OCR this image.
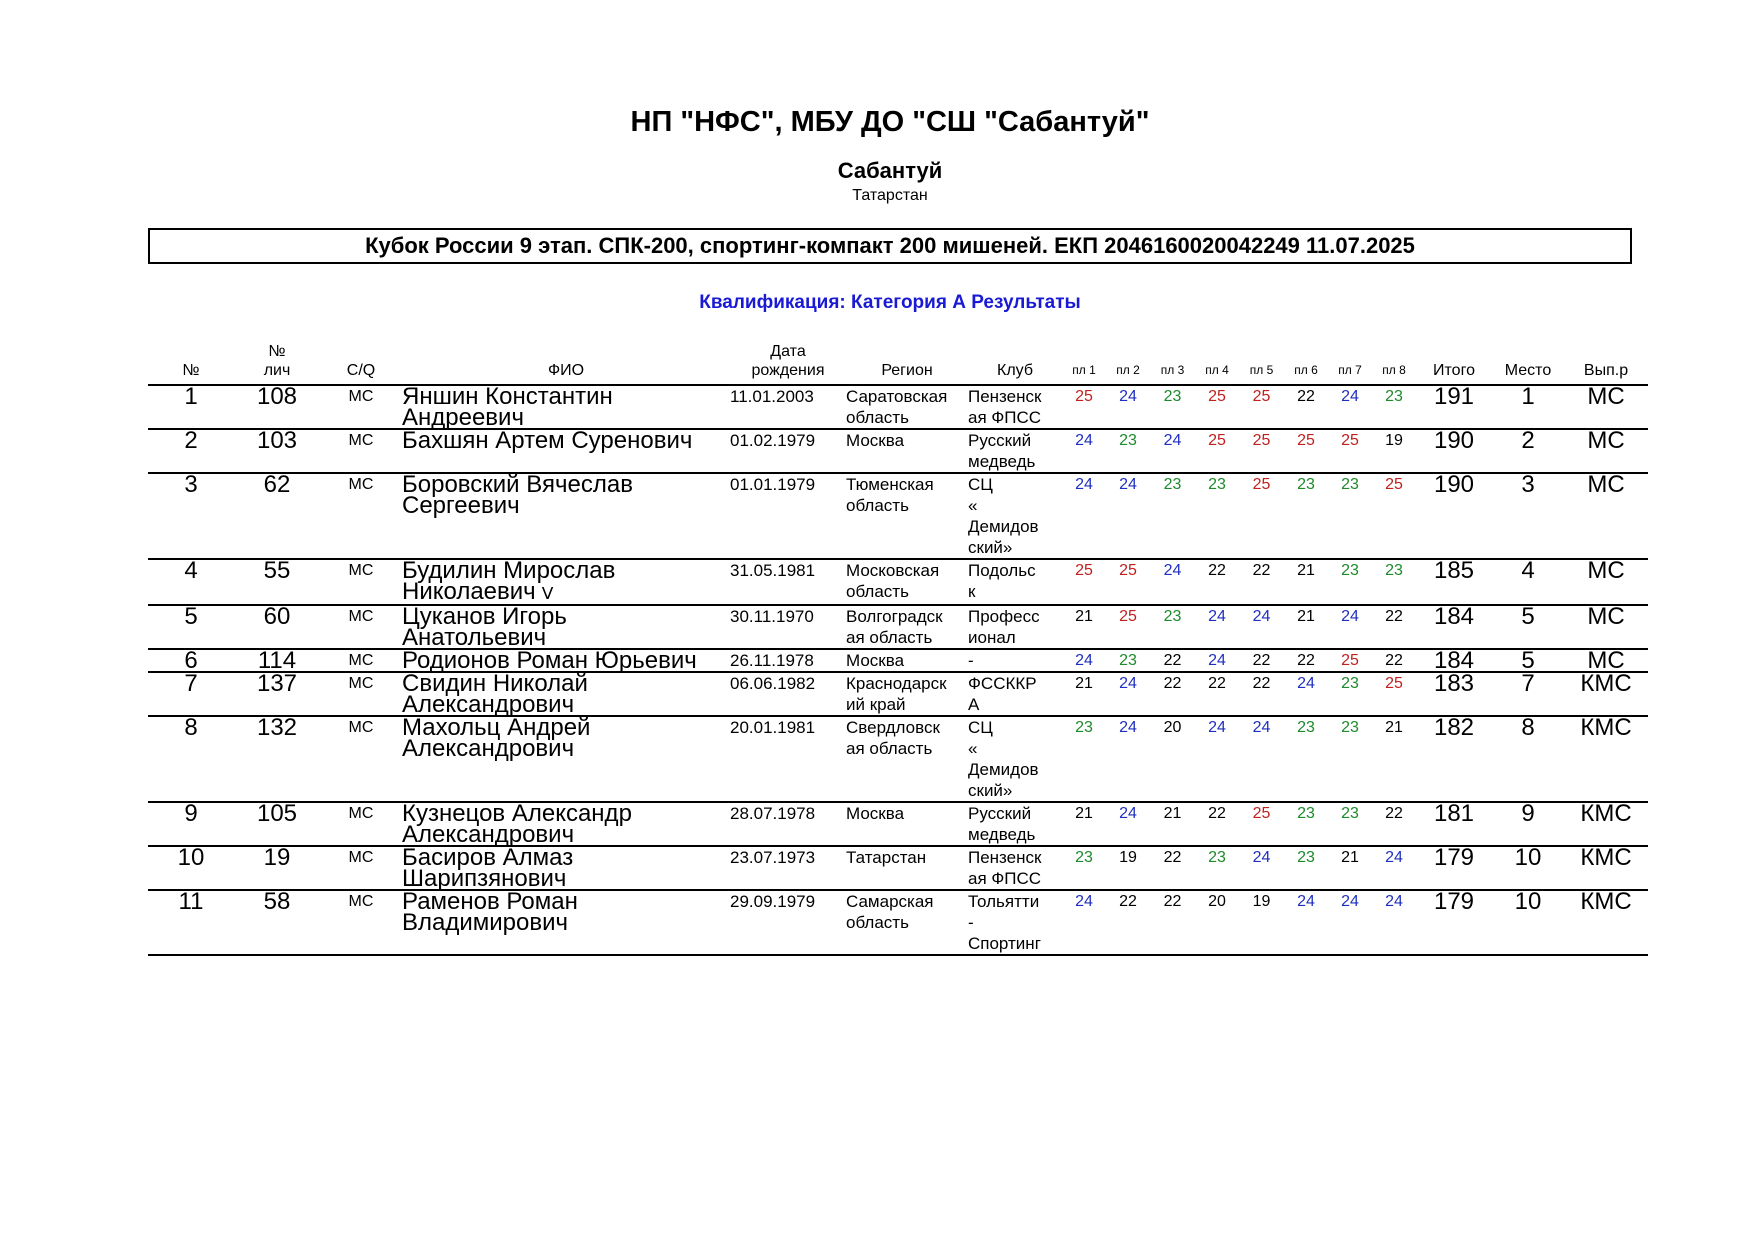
НП "НФС", МБУ ДО "СШ "Сабантуй"
Сабантуй
Татарстан
Кубок России 9 этап. СПК-200, спортинг-компакт 200 мишеней. ЕКП 2046160020042249 11.07.2025
Квалификация: Категория А Результаты
№	№
лич	C/Q	ФИО	Дата
рождения	Регион	Клуб	пл 1	пл 2	пл 3	пл 4	пл 5	пл 6	пл 7	пл 8	Итого	Место	Вып.р
1	108	МС	Яншин Константин
Андреевич	11.01.2003	Саратовская
область	Пензенск
ая ФПСС	25	24	23	25	25	22	24	23	191	1	МС
2	103	МС	Бахшян Артем Суренович	01.02.1979	Москва	Русский
медведь	24	23	24	25	25	25	25	19	190	2	МС
3	62	МС	Боровский Вячеслав
Сергеевич	01.01.1979	Тюменская
область	СЦ
«
Демидов
ский»	24	24	23	23	25	23	23	25	190	3	МС
4	55	МС	Будилин Мирослав
Николаевич ᐯ	31.05.1981	Московская
область	Подольс
к	25	25	24	22	22	21	23	23	185	4	МС
5	60	МС	Цуканов Игорь
Анатольевич	30.11.1970	Волгоградск
ая область	Професс
ионал	21	25	23	24	24	21	24	22	184	5	МС
6	114	МС	Родионов Роман Юрьевич	26.11.1978	Москва	-	24	23	22	24	22	22	25	22	184	5	МС
7	137	МС	Свидин Николай
Александрович	06.06.1982	Краснодарск
ий край	ФССККР
А	21	24	22	22	22	24	23	25	183	7	КМС
8	132	МС	Махольц Андрей
Александрович	20.01.1981	Свердловск
ая область	СЦ
«
Демидов
ский»	23	24	20	24	24	23	23	21	182	8	КМС
9	105	МС	Кузнецов Александр
Александрович	28.07.1978	Москва	Русский
медведь	21	24	21	22	25	23	23	22	181	9	КМС
10	19	МС	Басиров Алмаз
Шарипзянович	23.07.1973	Татарстан	Пензенск
ая ФПСС	23	19	22	23	24	23	21	24	179	10	КМС
11	58	МС	Раменов Роман
Владимирович	29.09.1979	Самарская
область	Тольятти
-
Спортинг	24	22	22	20	19	24	24	24	179	10	КМС
